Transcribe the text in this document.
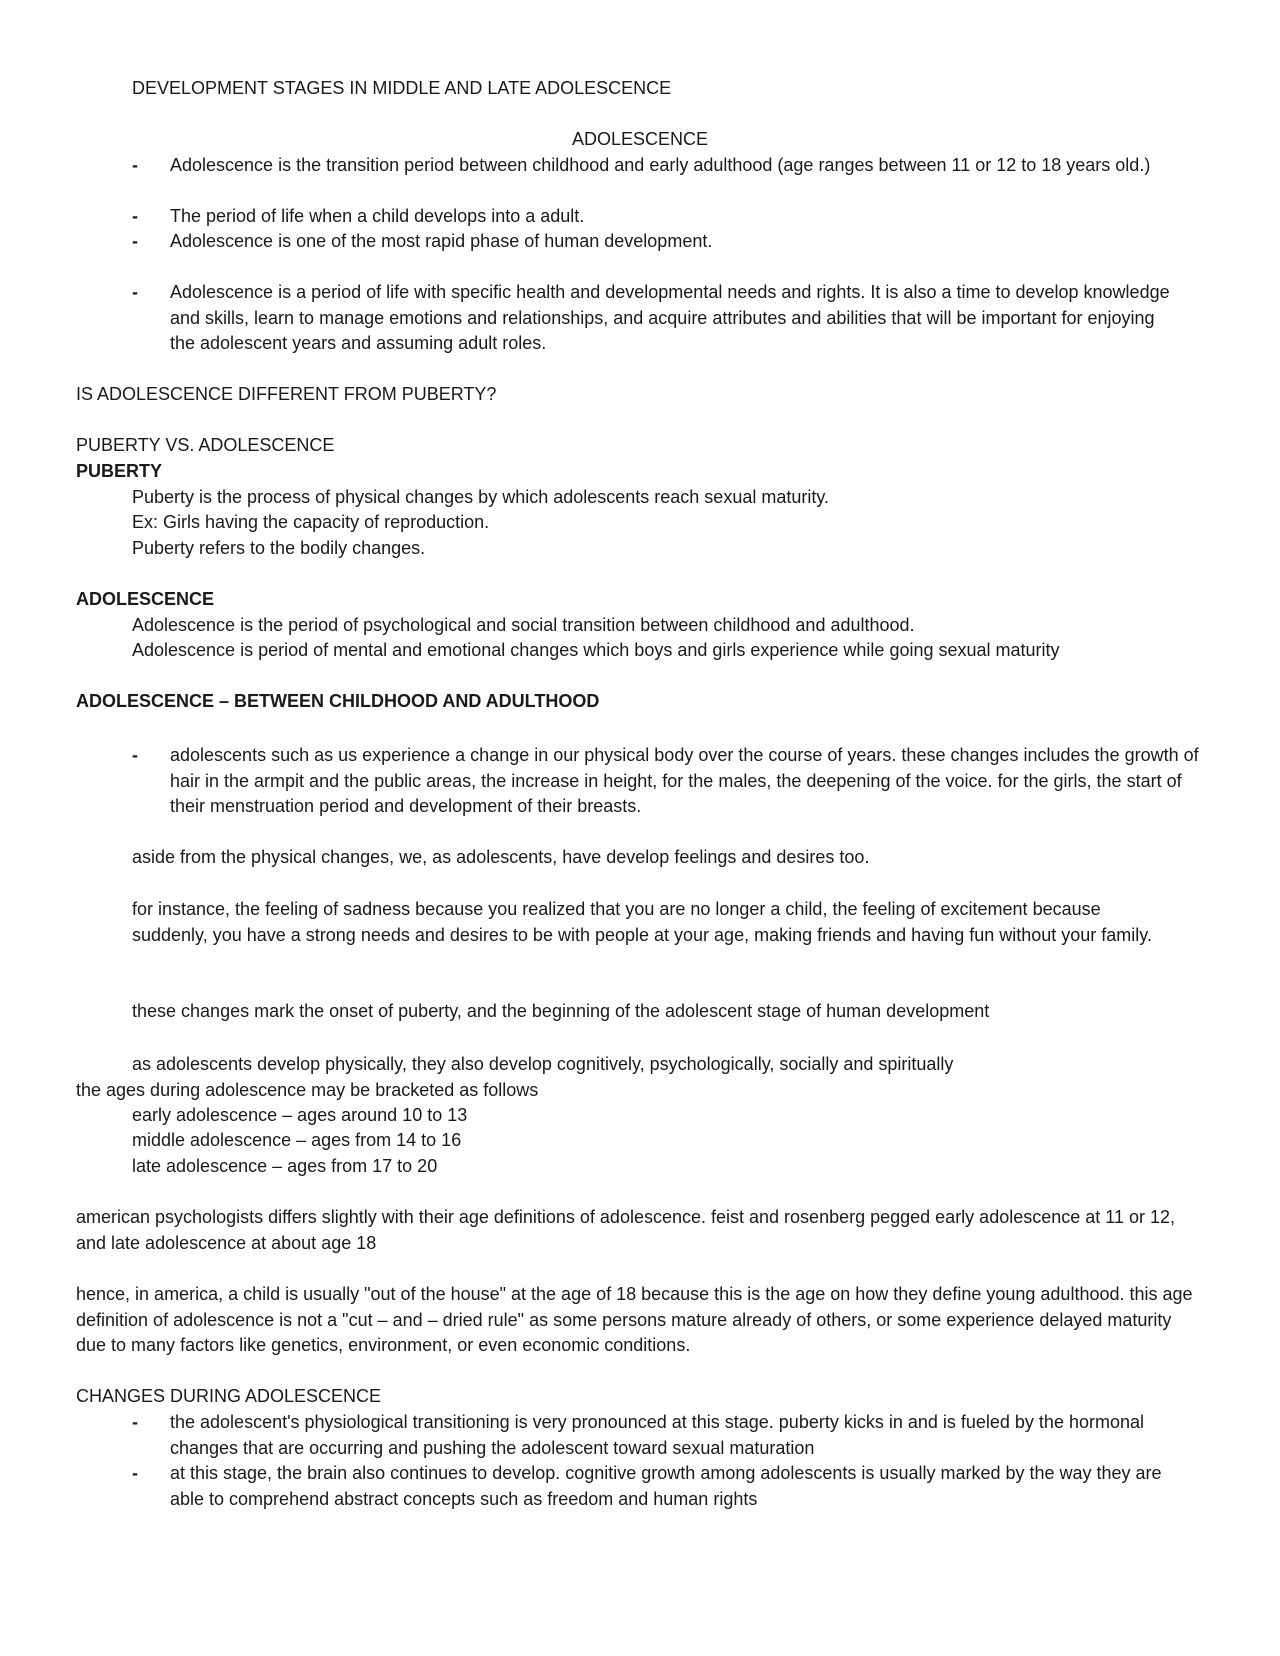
DEVELOPMENT STAGES IN MIDDLE AND LATE ADOLESCENCE

ADOLESCENCE

- Adolescence is the transition period between childhood and early adulthood (age ranges between 11 or 12 to 18 years old.)
- The period of life when a child develops into a adult.
- Adolescence is one of the most rapid phase of human development.
- Adolescence is a period of life with specific health and developmental needs and rights. It is also a time to develop knowledge and skills, learn to manage emotions and relationships, and acquire attributes and abilities that will be important for enjoying the adolescent years and assuming adult roles.

IS ADOLESCENCE DIFFERENT FROM PUBERTY?

PUBERTY VS. ADOLESCENCE

PUBERTY

Puberty is the process of physical changes by which adolescents reach sexual maturity.
Ex: Girls having the capacity of reproduction.
Puberty refers to the bodily changes.

ADOLESCENCE

Adolescence is the period of psychological and social transition between childhood and adulthood.
Adolescence is period of mental and emotional changes which boys and girls experience while going sexual maturity

ADOLESCENCE – BETWEEN CHILDHOOD AND ADULTHOOD

- adolescents such as us experience a change in our physical body over the course of years. these changes includes the growth of hair in the armpit and the public areas, the increase in height, for the males, the deepening of the voice. for the girls, the start of their menstruation period and development of their breasts.
aside from the physical changes, we, as adolescents, have develop feelings and desires too.
for instance, the feeling of sadness because you realized that you are no longer a child, the feeling of excitement because suddenly, you have a strong needs and desires to be with people at your age, making friends and having fun without your family.
these changes mark the onset of puberty, and the beginning of the adolescent stage of human development
as adolescents develop physically, they also develop cognitively, psychologically, socially and spiritually

the ages during adolescence may be bracketed as follows

early adolescence – ages around 10 to 13
middle adolescence – ages from 14 to 16
late adolescence – ages from 17 to 20

american psychologists differs slightly with their age definitions of adolescence. feist and rosenberg pegged early adolescence at 11 or 12, and late adolescence at about age 18

hence, in america, a child is usually "out of the house" at the age of 18 because this is the age on how they define young adulthood. this age definition of adolescence is not a "cut – and – dried rule" as some persons mature already of others, or some experience delayed maturity due to many factors like genetics, environment, or even economic conditions.

CHANGES DURING ADOLESCENCE

- the adolescent's physiological transitioning is very pronounced at this stage. puberty kicks in and is fueled by the hormonal changes that are occurring and pushing the adolescent toward sexual maturation
- at this stage, the brain also continues to develop. cognitive growth among adolescents is usually marked by the way they are able to comprehend abstract concepts such as freedom and human rights
